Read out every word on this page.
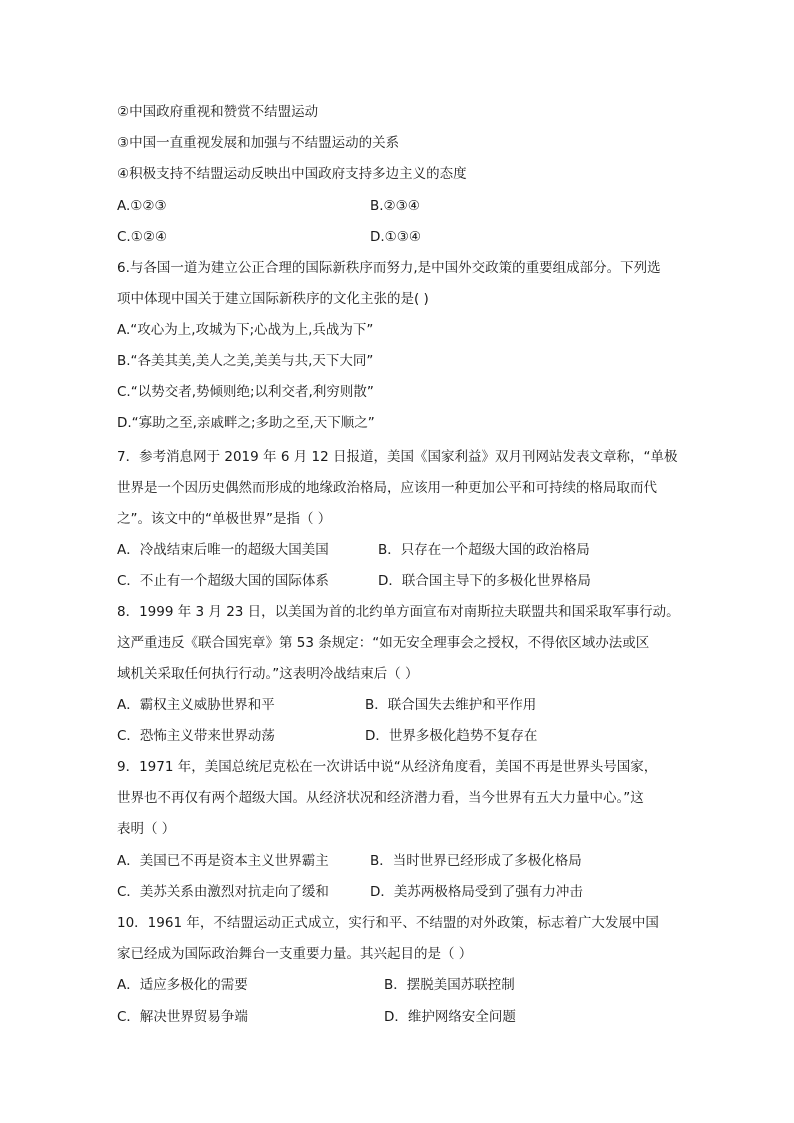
②中国政府重视和赞赏不结盟运动
③中国一直重视发展和加强与不结盟运动的关系
④积极支持不结盟运动反映出中国政府支持多边主义的态度
A.①②③	B.②③④
C.①②④	D.①③④
6.与各国一道为建立公正合理的国际新秩序而努力,是中国外交政策的重要组成部分。下列选
项中体现中国关于建立国际新秩序的文化主张的是( )
A.“攻心为上,攻城为下;心战为上,兵战为下”
B.“各美其美,美人之美,美美与共,天下大同”
C.“以势交者,势倾则绝;以利交者,利穷则散”
D.“寡助之至,亲戚畔之;多助之至,天下顺之”
7．参考消息网于 2019 年 6 月 12 日报道，美国《国家利益》双月刊网站发表文章称，“单极
世界是一个因历史偶然而形成的地缘政治格局，应该用一种更加公平和可持续的格局取而代
之”。该文中的“单极世界”是指（ ）
A．冷战结束后唯一的超级大国美国	B．只存在一个超级大国的政治格局
C．不止有一个超级大国的国际体系	D．联合国主导下的多极化世界格局
8．1999 年 3 月 23 日，以美国为首的北约单方面宣布对南斯拉夫联盟共和国采取军事行动。
这严重违反《联合国宪章》第 53 条规定：“如无安全理事会之授权，不得依区域办法或区
域机关采取任何执行行动。”这表明冷战结束后（ ）
A．霸权主义威胁世界和平	B．联合国失去维护和平作用
C．恐怖主义带来世界动荡	D．世界多极化趋势不复存在
9．1971 年，美国总统尼克松在一次讲话中说“从经济角度看，美国不再是世界头号国家，
世界也不再仅有两个超级大国。从经济状况和经济潜力看，当今世界有五大力量中心。”这
表明（ ）
A．美国已不再是资本主义世界霸主	B．当时世界已经形成了多极化格局
C．美苏关系由激烈对抗走向了缓和	D．美苏两极格局受到了强有力冲击
10．1961 年，不结盟运动正式成立，实行和平、不结盟的对外政策，标志着广大发展中国
家已经成为国际政治舞台一支重要力量。其兴起目的是（ ）
A．适应多极化的需要	B．摆脱美国苏联控制
C．解决世界贸易争端	D．维护网络安全问题
